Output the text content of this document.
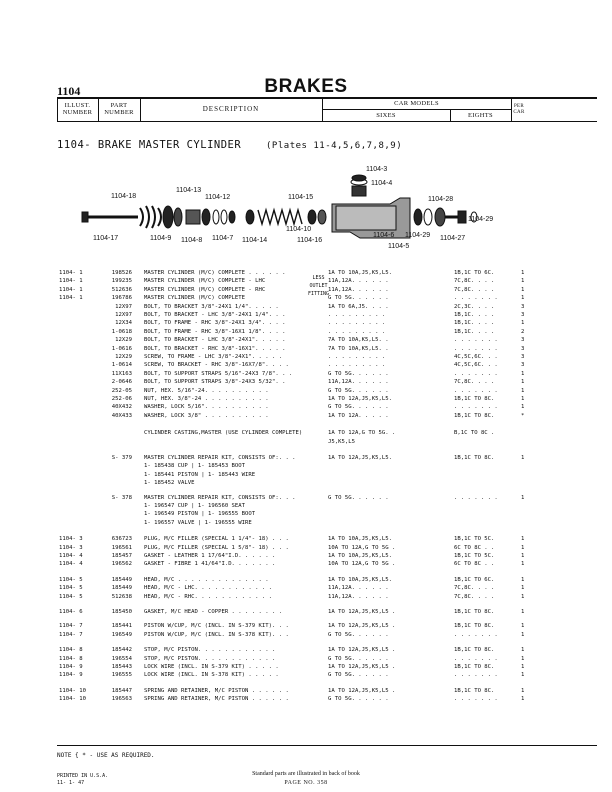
1104	BRAKES
ILLUST.
NUMBER
PART
NUMBER	DESCRIPTION
CAR MODELS
SIXES	EIGHTS
PER
CAR
1104- BRAKE MASTER CYLINDER	(Plates 11-4,5,6,7,8,9)
1104-3
1104-4
1104-18
1104-13
1104-12	1104-15	1104-28
1104-29
1104-10
1104-17	1104-9 1104-8 1104-7 1104-14	1104-16
1104-6 1104-29 1104-27
1104-5
LESS
OUTLET
FITTING
1104- 1	198526 MASTER CYLINDER (M/C) COMPLETE . . . . . .	1A TO 10A,J5,K5,L5.	1B,1C TO 6C.	1
1104- 1	199235 MASTER CYLINDER (M/C) COMPLETE - LHC	11A,12A. . . . . .	7C,8C. . . .	1
1104- 1	512636 MASTER CYLINDER (M/C) COMPLETE - RHC	11A,12A. . . . . .	7C,8C. . . .	1
1104- 1	196786 MASTER CYLINDER (M/C) COMPLETE	G TO 5G. . . . . .	. . . . . . .	1
12X97 BOLT, TO BRACKET 3/8"-24X1 1/4". . . . .	1A TO 6A,J5. . . .	2C,3C. . . .	3
12X97 BOLT, TO BRACKET - LHC 3/8"-24X1 1/4". . .	. . . . . . . . .	1B,1C. . . .	3
12X34 BOLT, TO FRAME - RHC 3/8"-24X1 3/4". . . .	. . . . . . . . .	1B,1C. . . .	1
1-0618 BOLT, TO FRAME - RHC 3/8"-16X1 1/8". . . .	. . . . . . . . .	1B,1C. . . .	2
12X29 BOLT, TO BRACKET - LHC 3/8"-24X1". . . . .	7A TO 10A,K5,L5. .	. . . . . . .	3
1-0616 BOLT, TO BRACKET - RHC 3/8"-16X1". . . . .	7A TO 10A,K5,L5. .	. . . . . . .	3
12X29 SCREW, TO FRAME - LHC 3/8"-24X1". . . . .	. . . . . . . . .	4C,5C,6C. . .	3
1-0614 SCREW, TO BRACKET - RHC 3/8"-16X7/8". . . .	. . . . . . . . .	4C,5C,6C. . .	3
11X163 BOLT, TO SUPPORT STRAPS 5/16"-24X3 7/8". . .	G TO 5G. . . . . .	. . . . . . .	1
2-0646 BOLT, TO SUPPORT STRAPS 3/8"-24X3 5/32". .	11A,12A. . . . . .	7C,8C. . . .	1
252-05 NUT, HEX. 5/16"-24. . . . . . . . . .	G TO 5G. . . . . .	. . . . . . .	1
252-06 NUT, HEX. 3/8"-24 . . . . . . . . . .	1A TO 12A,J5,K5,L5.	1B,1C TO 8C.	1
40X432 WASHER, LOCK 5/16". . . . . . . . . .	G TO 5G. . . . . .	. . . . . . .	1
40X433 WASHER, LOCK 3/8" . . . . . . . . . .	1A TO 12A. . . . .	1B,1C TO 8C.	*
CYLINDER CASTING,MASTER (USE CYLINDER COMPLETE)	1A TO 12A,G TO 5G. .	B,1C TO 8C .
J5,K5,L5
S- 379 MASTER CYLINDER REPAIR KIT, CONSISTS OF:. . .	1A TO 12A,J5,K5,L5.	1B,1C TO 8C.	1
1- 185438 CUP | 1- 185453 BOOT
1- 185441 PISTON | 1- 185443 WIRE
1- 185452 VALVE
S- 378 MASTER CYLINDER REPAIR KIT, CONSISTS OF:. . .	G TO 5G. . . . . .	. . . . . . .	1
1- 196547 CUP | 1- 196560 SEAT
1- 196549 PISTON | 1- 196555 BOOT
1- 196557 VALVE | 1- 196555 WIRE
1104- 3	636723 PLUG, M/C FILLER (SPECIAL 1 1/4"- 18) . . .	1A TO 10A,J5,K5,L5.	1B,1C TO 5C.	1
1104- 3	196561 PLUG, M/C FILLER (SPECIAL 1 5/8"- 18) . . .	10A TO 12A,G TO 5G .	6C TO 8C . .	1
1104- 4	185457 GASKET - LEATHER 1 17/64"I.D. . . . . .	1A TO 10A,J5,K5,L5.	1B,1C TO 5C.	1
1104- 4	196562 GASKET - FIBRE 1 41/64"I.D. . . . . . .	10A TO 12A,G TO 5G .	6C TO 8C . .	1
1104- 5	185449 HEAD, M/C . . . . . . . . . . . . . .	1A TO 10A,J5,K5,L5.	1B,1C TO 6C.	1
1104- 5	185449 HEAD, M/C - LHC. . . . . . . . . . . .	11A,12A. . . . . .	7C,8C. . . .	1
1104- 5	512638 HEAD, M/C - RHC. . . . . . . . . . . .	11A,12A. . . . . .	7C,8C. . . .	1
1104- 6	185450 GASKET, M/C HEAD - COPPER . . . . . . . .	1A TO 12A,J5,K5,L5 .	1B,1C TO 8C.	1
1104- 7	185441 PISTON W/CUP, M/C (INCL. IN S-379 KIT). . .	1A TO 12A,J5,K5,L5 .	1B,1C TO 8C.	1
1104- 7	196549 PISTON W/CUP, M/C (INCL. IN S-378 KIT). . .	G TO 5G. . . . . .	. . . . . . .	1
1104- 8	185442 STOP, M/C PISTON. . . . . . . . . . . .	1A TO 12A,J5,K5,L5 .	1B,1C TO 8C.	1
1104- 8	196554 STOP, M/C PISTON. . . . . . . . . . . .	G TO 5G. . . . . .	. . . . . . .	1
1104- 9	185443 LOCK WIRE (INCL. IN S-379 KIT) . . . . .	1A TO 12A,J5,K5,L5 .	1B,1C TO 8C.	1
1104- 9	196555 LOCK WIRE (INCL. IN S-378 KIT) . . . . .	G TO 5G. . . . . .	. . . . . . .	1
1104- 10	185447 SPRING AND RETAINER, M/C PISTON . . . . . .	1A TO 12A,J5,K5,L5 .	1B,1C TO 8C.	1
1104- 10	196563 SPRING AND RETAINER, M/C PISTON . . . . . .	G TO 5G. . . . . .	. . . . . . .	1
NOTE { * - USE AS REQUIRED.
PRINTED IN U.S.A.
11- 1- 47
Standard parts are illustrated in back of book
PAGE NO. 358
